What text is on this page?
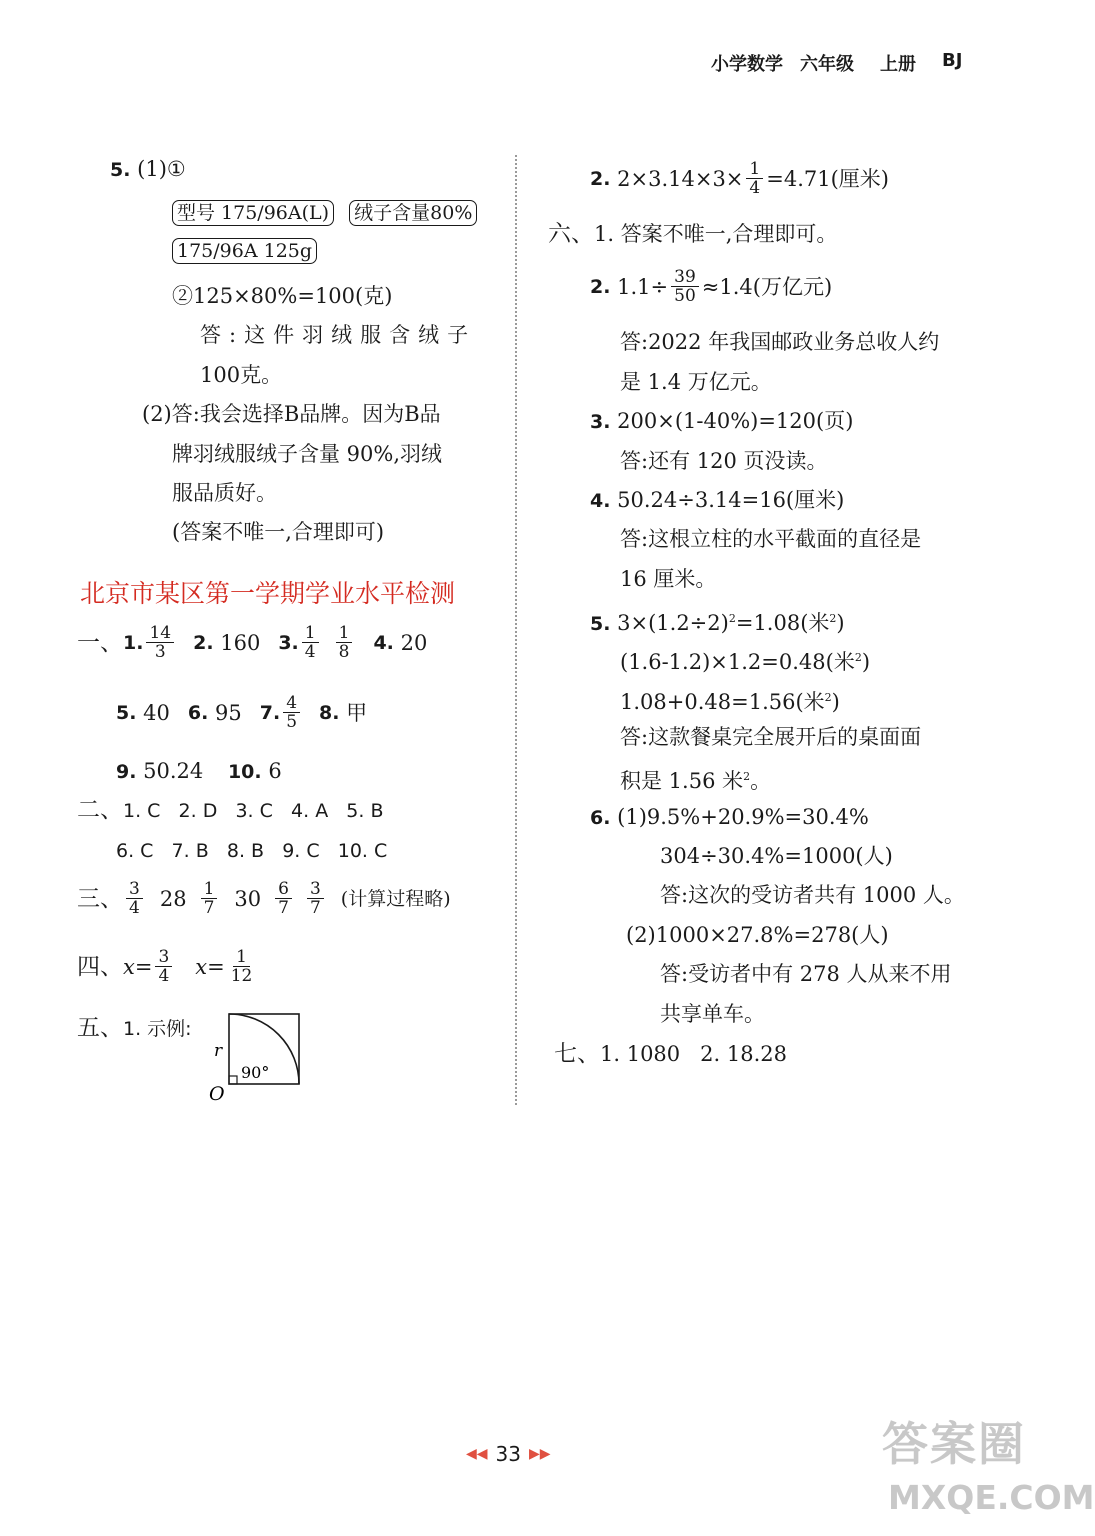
小学数学 六年级 上册 BJ
5. (1)①
型号 175/96A(L) 绒子含量80%
175/96A 125g
②125×80%=100(克)
答:这件羽绒服含绒子
100克。
(2)答:我会选择B品牌。因为B品
牌羽绒服绒子含量 90%,羽绒
服品质好。
(答案不唯一,合理即可)
北京市某区第一学期学业水平检测
一、 1. $\frac{14}{3} 2$.
160 3. $\frac{1}{4} \frac{1}{8} 4$.
20
5.
40 6.
95 7. $\frac{4}{5} 8$.
甲
9. 50.24 10. 6
二、1. C   2. D   3. C   4. A   5. B
6. C   7. B   8. B   9. C   10. C
三、 $\frac{3}{4} 28 \frac{1}{7} 30 \frac{6}{7} \frac{3}{7}$ (计算过程略)
四、 $x = \frac{3}{4}$ $x = \frac{1}{12}$
五、1. 示例:
r
90°
O
2.
$2\times 3.14\times 3\times \frac{1}{4} =4.71$(厘米)
六、1. 答案不唯一,合理即可。
2.
$1.1\div \frac{39}{50} \approx 1.4$(万亿元)
答:2022 年我国邮政业务总收人约
是 1.4 万亿元。
3. 200×(1-40%)=120(页)
答:还有 120 页没读。
4. 50.24÷3.14=16(厘米)
答:这根立柱的水平截面的直径是
16 厘米。
5. $3\times(1.2\div 2)^2=1.08$(米$^2$)
(1.6-1.2)×1.2=0.48(米$^2$)
1.08+0.48=1.56(米$^2$)
答:这款餐桌完全展开后的桌面面
积是 1.56 米$^2$。
6. (1)9.5%+20.9%=30.4%
304÷30.4%=1000(人)
答:这次的受访者共有 1000 人。
(2)1000×27.8%=278(人)
答:受访者中有 278 人从来不用
共享单车。
七、1. 1080   2. 18.28
◀◀ 33 ▶▶	答案圈
MXQE.COM
